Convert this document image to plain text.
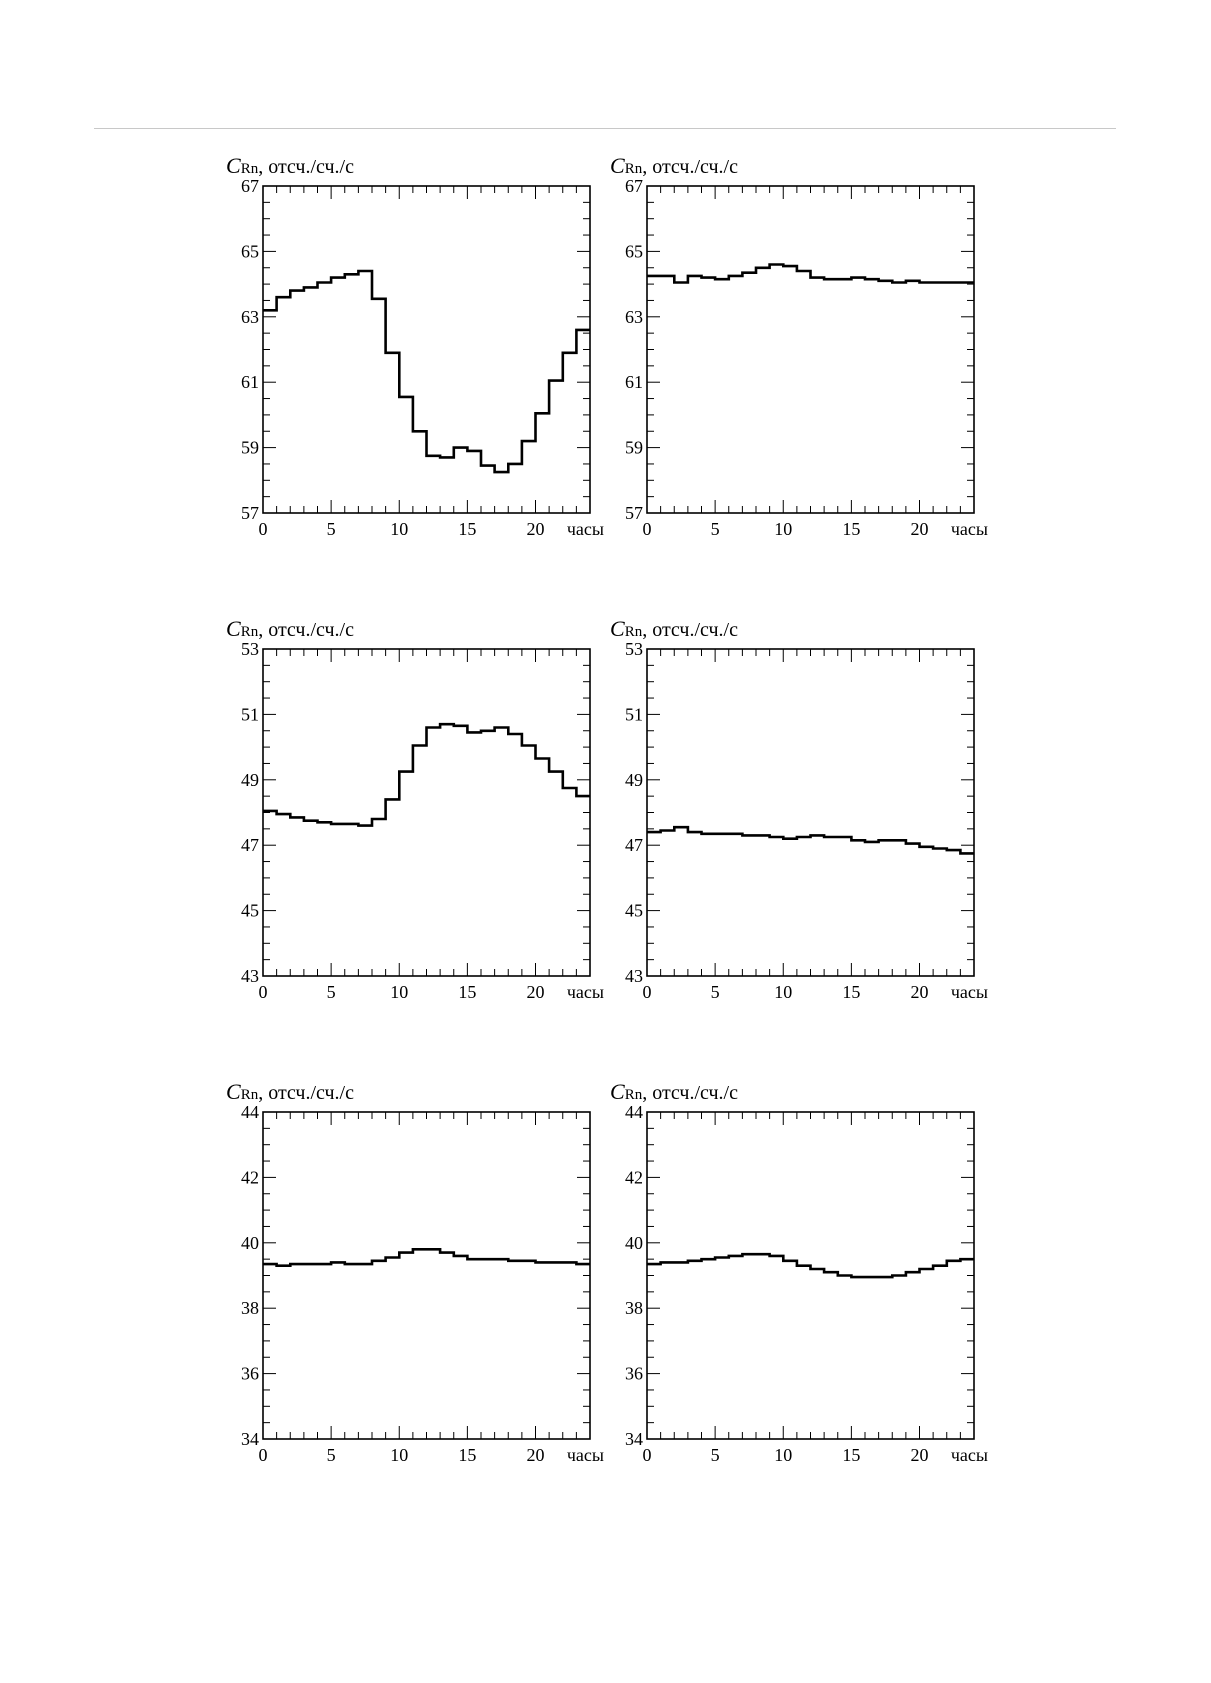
57
59
61
63
65
67
0	5	10	15	20 часы
CRn, отсч./сч./с
57
59
61
63
65
67
0	5	10	15	20 часы
CRn, отсч./сч./с
43
45
47
49
51
53
0	5	10	15	20 часы
CRn, отсч./сч./с
43
45
47
49
51
53
0	5	10	15	20 часы
CRn, отсч./сч./с
34
36
38
40
42
44
0	5	10	15	20 часы
CRn, отсч./сч./с
34
36
38
40
42
44
0	5	10	15	20 часы
CRn, отсч./сч./с
